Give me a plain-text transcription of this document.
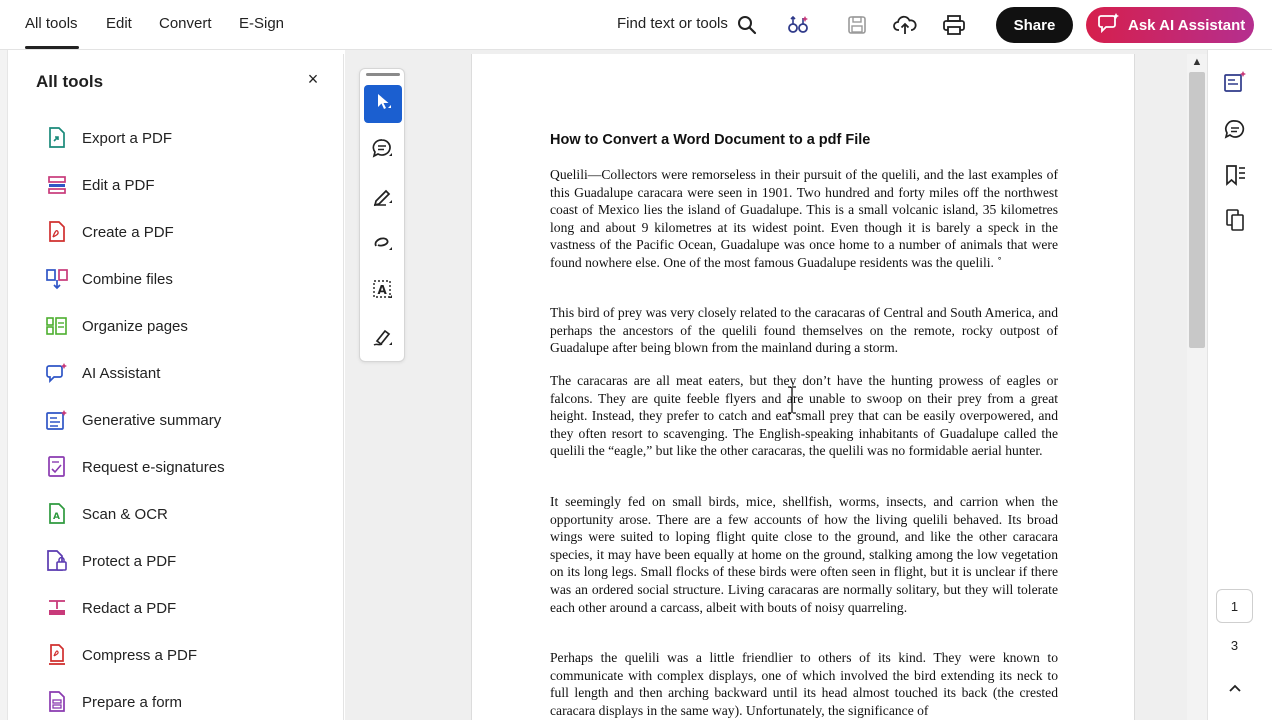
All tools Edit Convert E-Sign	Find text or tools	Share	Ask AI Assistant
All tools	×
Export a PDF
Edit a PDF
Create a PDF
Combine files
Organize pages
AI Assistant
Generative summary
Request e-signatures
A Scan & OCR
Protect a PDF
Redact a PDF
Compress a PDF
Prepare a form
A
How to Convert a Word Document to a pdf File
Quelili—Collectors were remorseless in their pursuit of the quelili, and the last examples of this Guadalupe caracara were seen in 1901. Two hundred and forty miles off the northwest coast of Mexico lies the island of Guadalupe. This is a small volcanic island, 35 kilometres long and about 9 kilometres at its widest point. Even though it is barely a speck in the vastness of the Pacific Ocean, Guadalupe was once home to a number of animals that were found nowhere else. One of the most famous Guadalupe residents was the quelili. ˚
This bird of prey was very closely related to the caracaras of Central and South America, and perhaps the ancestors of the quelili found themselves on the remote, rocky outpost of Guadalupe after being blown from the mainland during a storm.
The caracaras are all meat eaters, but they don’t have the hunting prowess of eagles or falcons. They are quite feeble flyers and are unable to swoop on their prey from a great height. Instead, they prefer to catch and eat small prey that can be easily overpowered, and they often resort to scavenging. The English-speaking inhabitants of Guadalupe called the quelili the “eagle,” but like the other caracaras, the quelili was no formidable aerial hunter.
It seemingly fed on small birds, mice, shellfish, worms, insects, and carrion when the opportunity arose. There are a few accounts of how the living quelili behaved. Its broad wings were suited to loping flight quite close to the ground, and like the other caracara species, it may have been equally at home on the ground, stalking among the low vegetation on its long legs. Small flocks of these birds were often seen in flight, but it is unclear if there was an ordered social structure. Living caracaras are normally solitary, but they will tolerate each other around a carcass, albeit with bouts of noisy quarreling.
Perhaps the quelili was a little friendlier to others of its kind. They were known to communicate with complex displays, one of which involved the bird extending its neck to full length and then arching backward until its head almost touched its back (the crested caracara displays in the same way). Unfortunately, the significance of
▲
1
3
